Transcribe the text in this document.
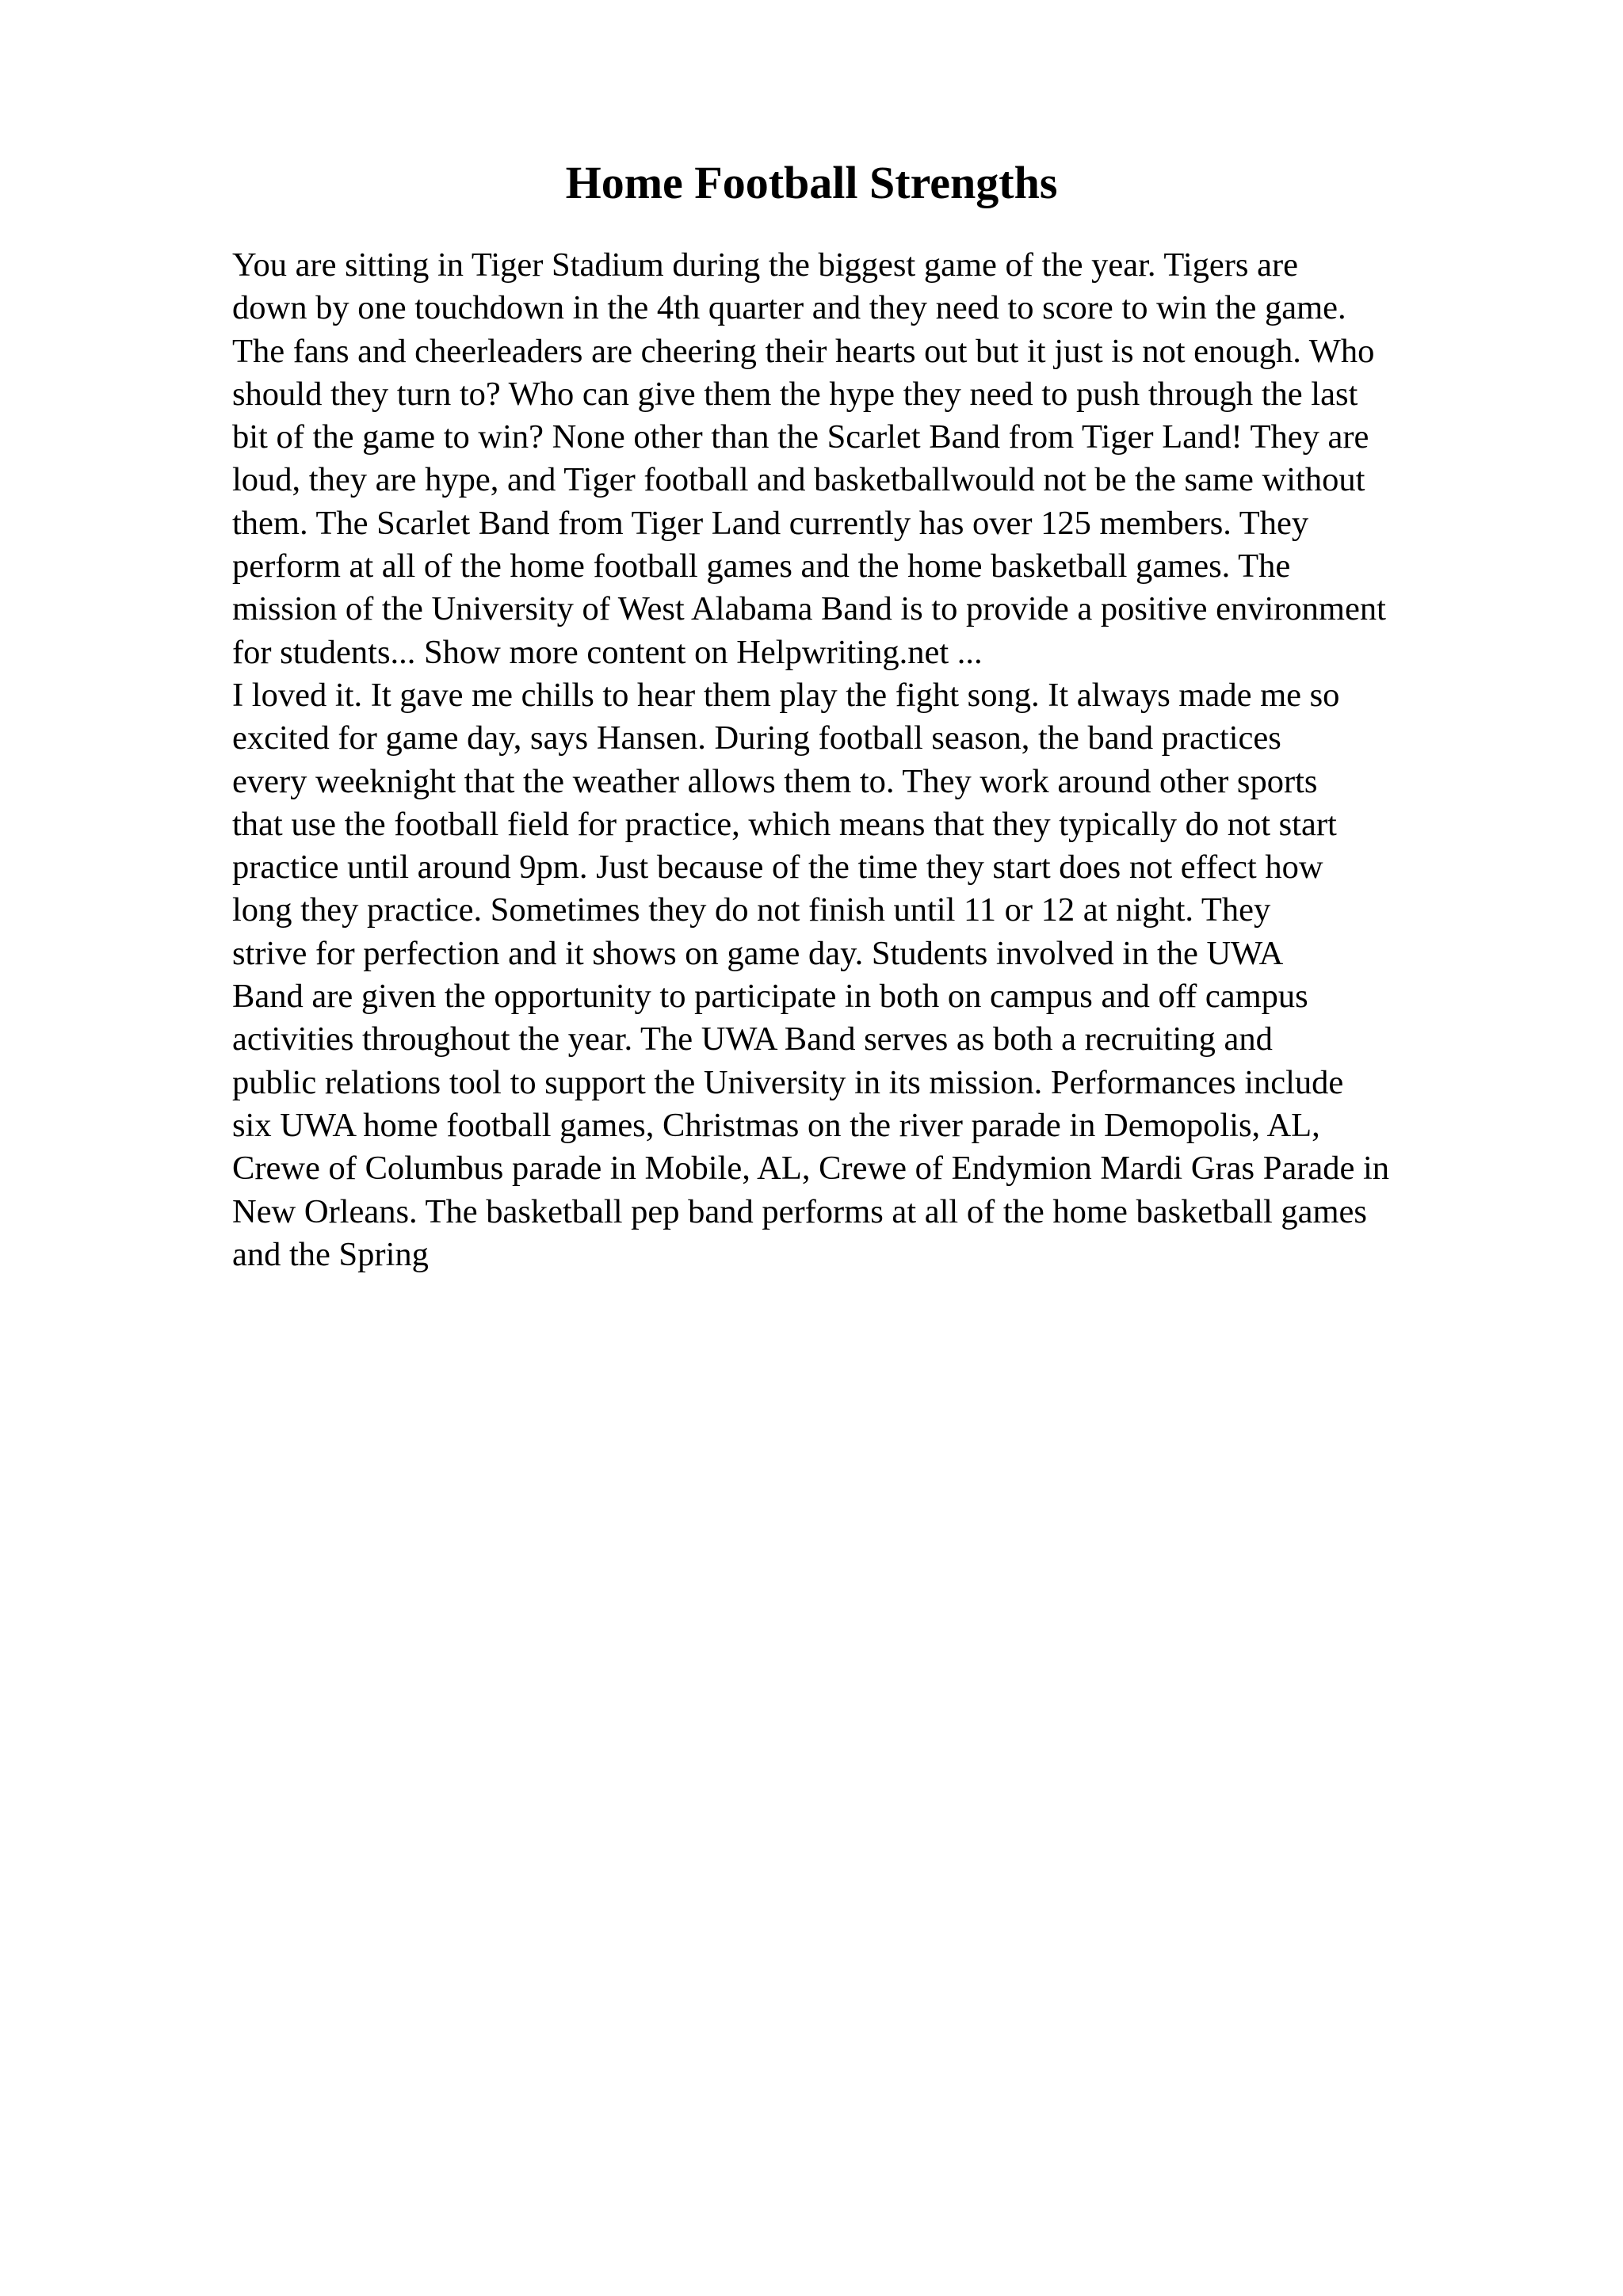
Home Football Strengths
You are sitting in Tiger Stadium during the biggest game of the year. Tigers are
down by one touchdown in the 4th quarter and they need to score to win the game.
The fans and cheerleaders are cheering their hearts out but it just is not enough. Who
should they turn to? Who can give them the hype they need to push through the last
bit of the game to win? None other than the Scarlet Band from Tiger Land! They are
loud, they are hype, and Tiger football and basketballwould not be the same without
them. The Scarlet Band from Tiger Land currently has over 125 members. They
perform at all of the home football games and the home basketball games. The
mission of the University of West Alabama Band is to provide a positive environment
for students... Show more content on Helpwriting.net ...
I loved it. It gave me chills to hear them play the fight song. It always made me so
excited for game day, says Hansen. During football season, the band practices
every weeknight that the weather allows them to. They work around other sports
that use the football field for practice, which means that they typically do not start
practice until around 9pm. Just because of the time they start does not effect how
long they practice. Sometimes they do not finish until 11 or 12 at night. They
strive for perfection and it shows on game day. Students involved in the UWA
Band are given the opportunity to participate in both on campus and off campus
activities throughout the year. The UWA Band serves as both a recruiting and
public relations tool to support the University in its mission. Performances include
six UWA home football games, Christmas on the river parade in Demopolis, AL,
Crewe of Columbus parade in Mobile, AL, Crewe of Endymion Mardi Gras Parade in
New Orleans. The basketball pep band performs at all of the home basketball games
and the Spring
